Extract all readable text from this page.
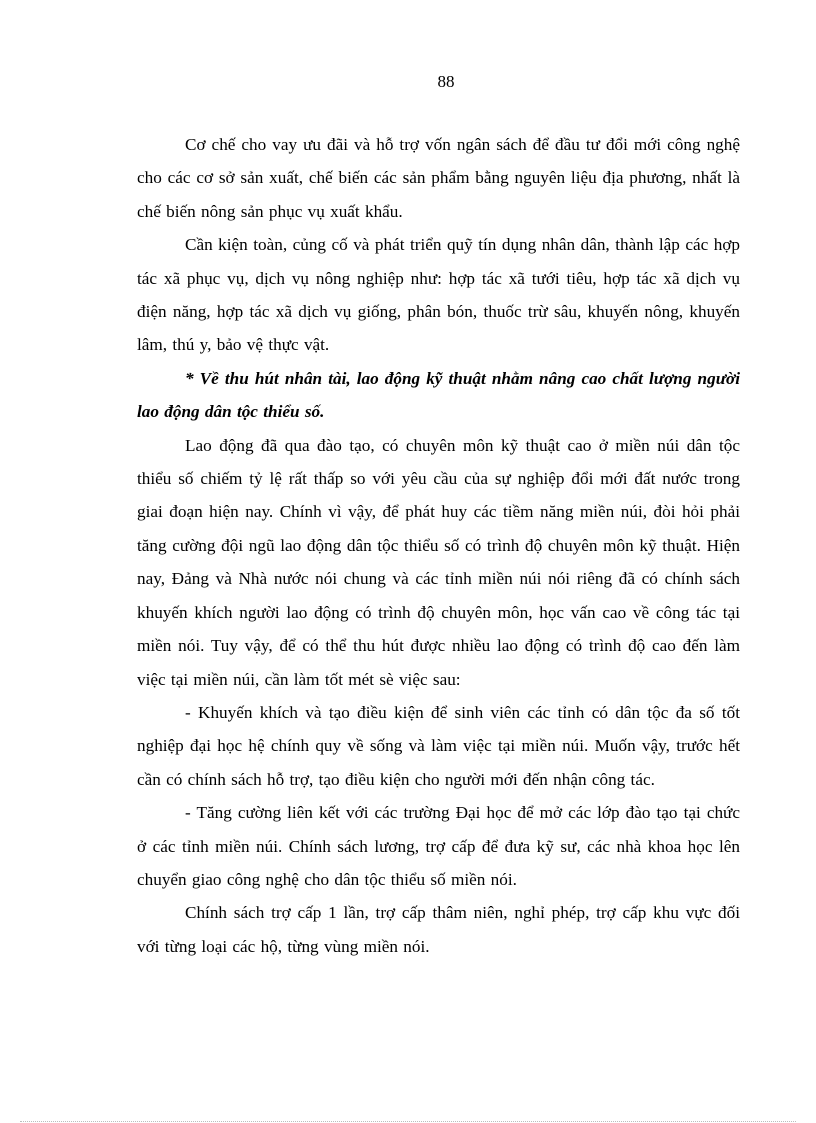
88

Cơ chế cho vay ưu đãi và hỗ trợ vốn ngân sách để đầu tư đổi mới công nghệ cho các cơ sở sản xuất, chế biến các sản phẩm bằng nguyên liệu địa phương, nhất là chế biến nông sản phục vụ xuất khẩu.

Cần kiện toàn, củng cố và phát triển quỹ tín dụng nhân dân, thành lập các hợp tác xã phục vụ, dịch vụ nông nghiệp như: hợp tác xã tưới tiêu, hợp tác xã dịch vụ điện năng, hợp tác xã dịch vụ giống, phân bón, thuốc trừ sâu, khuyến nông, khuyến lâm, thú y, bảo vệ thực vật.

* Về thu hút nhân tài, lao động kỹ thuật nhằm nâng cao chất lượng người lao động dân tộc thiểu số.

Lao động đã qua đào tạo, có chuyên môn kỹ thuật cao ở miền núi dân tộc thiểu số chiếm tỷ lệ rất thấp so với yêu cầu của sự nghiệp đổi mới đất nước trong giai đoạn hiện nay. Chính vì vậy, để phát huy các tiềm năng miền núi, đòi hỏi phải tăng cường đội ngũ lao động dân tộc thiểu số có trình độ chuyên môn kỹ thuật. Hiện nay, Đảng và Nhà nước nói chung và các tỉnh miền núi nói riêng đã có chính sách khuyến khích người lao động có trình độ chuyên môn, học vấn cao về công tác tại miền nói. Tuy vậy, để có thể thu hút được nhiều lao động có trình độ cao đến làm việc tại miền núi, cần làm tốt mét sè việc sau:

- Khuyến khích và tạo điều kiện để sinh viên các tỉnh có dân tộc đa số tốt nghiệp đại học hệ chính quy về sống và làm việc tại miền núi. Muốn vậy, trước hết cần có chính sách hỗ trợ, tạo điều kiện cho người mới đến nhận công tác.

- Tăng cường liên kết với các trường Đại học để mở các lớp đào tạo tại chức ở các tỉnh miền núi. Chính sách lương, trợ cấp để đưa kỹ sư, các nhà khoa học lên chuyển giao công nghệ cho dân tộc thiểu số miền nói.

Chính sách trợ cấp 1 lần, trợ cấp thâm niên, nghỉ phép, trợ cấp khu vực đối với từng loại các hộ, từng vùng miền nói.
